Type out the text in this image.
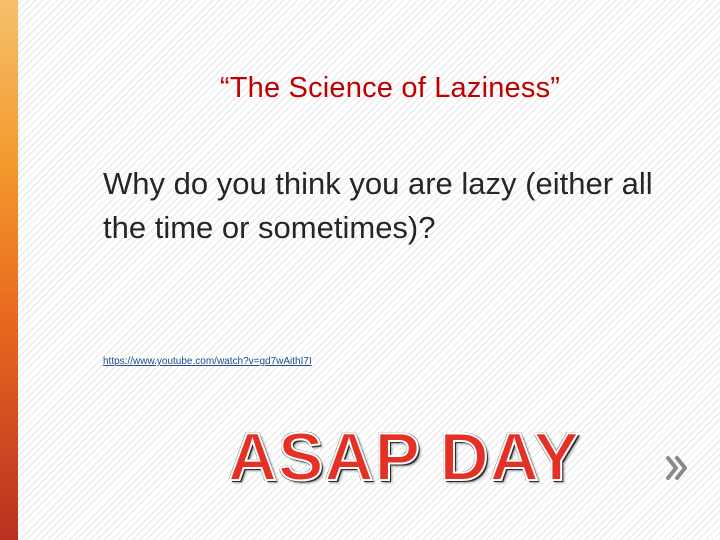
“The Science of Laziness”
Why do you think you are lazy (either all the time or sometimes)?
https://www.youtube.com/watch?v=gd7wAithI7I
ASAP DAY
